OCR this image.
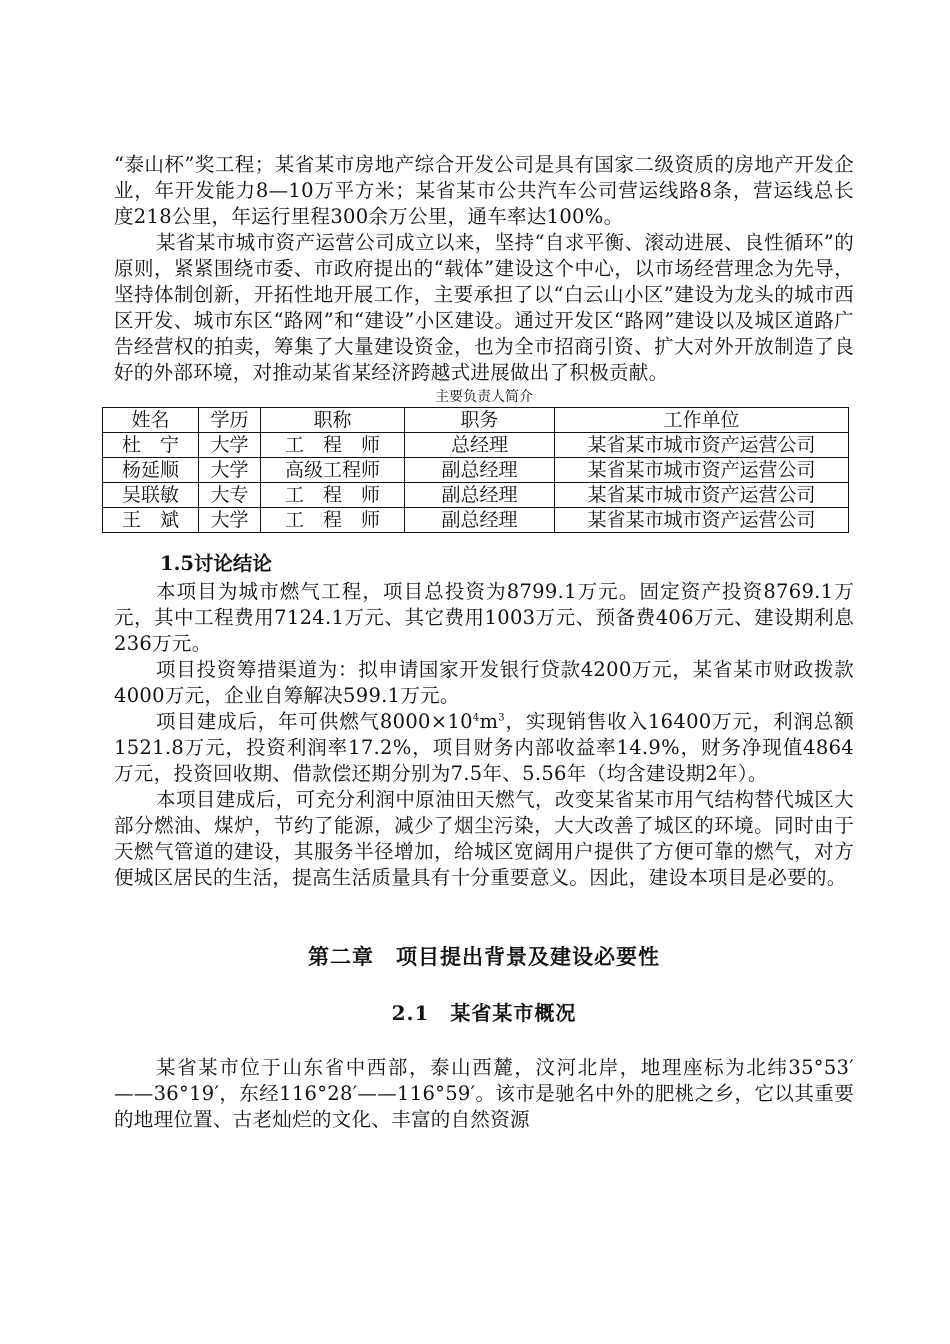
“泰山杯”奖工程；某省某市房地产综合开发公司是具有国家二级资质的房地产开发企业，年开发能力8—10万平方米；某省某市公共汽车公司营运线路8条，营运线总长度218公里，年运行里程300余万公里，通车率达100%。

某省某市城市资产运营公司成立以来，坚持“自求平衡、滚动进展、良性循环”的原则，紧紧围绕市委、市政府提出的“载体”建设这个中心，以市场经营理念为先导，坚持体制创新，开拓性地开展工作，主要承担了以“白云山小区”建设为龙头的城市西区开发、城市东区“路网”和“建设”小区建设。通过开发区“路网”建设以及城区道路广告经营权的拍卖，筹集了大量建设资金，也为全市招商引资、扩大对外开放制造了良好的外部环境，对推动某省某经济跨越式进展做出了积极贡献。

主要负责人简介
姓名	学历	职称	职务	工作单位
杜　宁	大学	工　程　师	总经理	某省某市城市资产运营公司
杨延顺	大学	高级工程师	副总经理	某省某市城市资产运营公司
吴联敏	大专	工　程　师	副总经理	某省某市城市资产运营公司
王　斌	大学	工　程　师	副总经理	某省某市城市资产运营公司
1.5讨论结论

本项目为城市燃气工程，项目总投资为8799.1万元。固定资产投资8769.1万元，其中工程费用7124.1万元、其它费用1003万元、预备费406万元、建设期利息236万元。

项目投资筹措渠道为：拟申请国家开发银行贷款4200万元，某省某市财政拨款4000万元，企业自筹解决599.1万元。

项目建成后，年可供燃气$8000\times 10^4m^3$，实现销售收入16400万元，利润总额1521.8万元，投资利润率17.2%，项目财务内部收益率14.9%，财务净现值4864万元，投资回收期、借款偿还期分别为7.5年、5.56年（均含建设期2年）。

本项目建成后，可充分利润中原油田天燃气，改变某省某市用气结构替代城区大部分燃油、煤炉，节约了能源，减少了烟尘污染，大大改善了城区的环境。同时由于天燃气管道的建设，其服务半径增加，给城区宽阔用户提供了方便可靠的燃气，对方便城区居民的生活，提高生活质量具有十分重要意义。因此，建设本项目是必要的。

第二章　项目提出背景及建设必要性
2.1　某省某市概况

某省某市位于山东省中西部，泰山西麓，汶河北岸，地理座标为北纬35°53′——36°19′，东经116°28′——116°59′。该市是驰名中外的肥桃之乡，它以其重要的地理位置、古老灿烂的文化、丰富的自然资源
